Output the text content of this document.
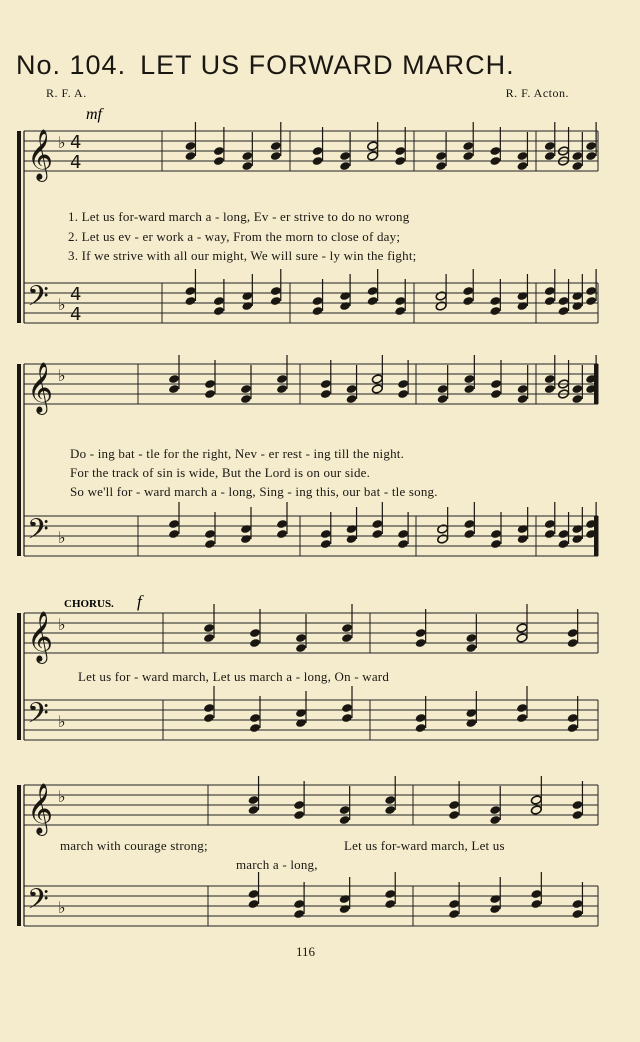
No. 104. LET US FORWARD MARCH.
R. F. A.	R. F. Acton.
𝄞
𝄢
♭
♭
4
4
4
4
𝄞
𝄢
♭
♭
𝄞
𝄢
♭
♭
𝄞
𝄢
♭
♭
mf
CHORUS. f
1. Let us for-ward march a - long, Ev - er strive to do no wrong
2. Let us ev - er work a - way, From the morn to close of day;
3. If we strive with all our might, We will sure - ly win the fight;
Do - ing bat - tle for the right, Nev - er rest - ing till the night.
For the track of sin is wide, But the Lord is on our side.
So we'll for - ward march a - long, Sing - ing this, our bat - tle song.
Let us for - ward march, Let us march a - long, On - ward
march with courage strong;	Let us for-ward march, Let us
march a - long,
116
